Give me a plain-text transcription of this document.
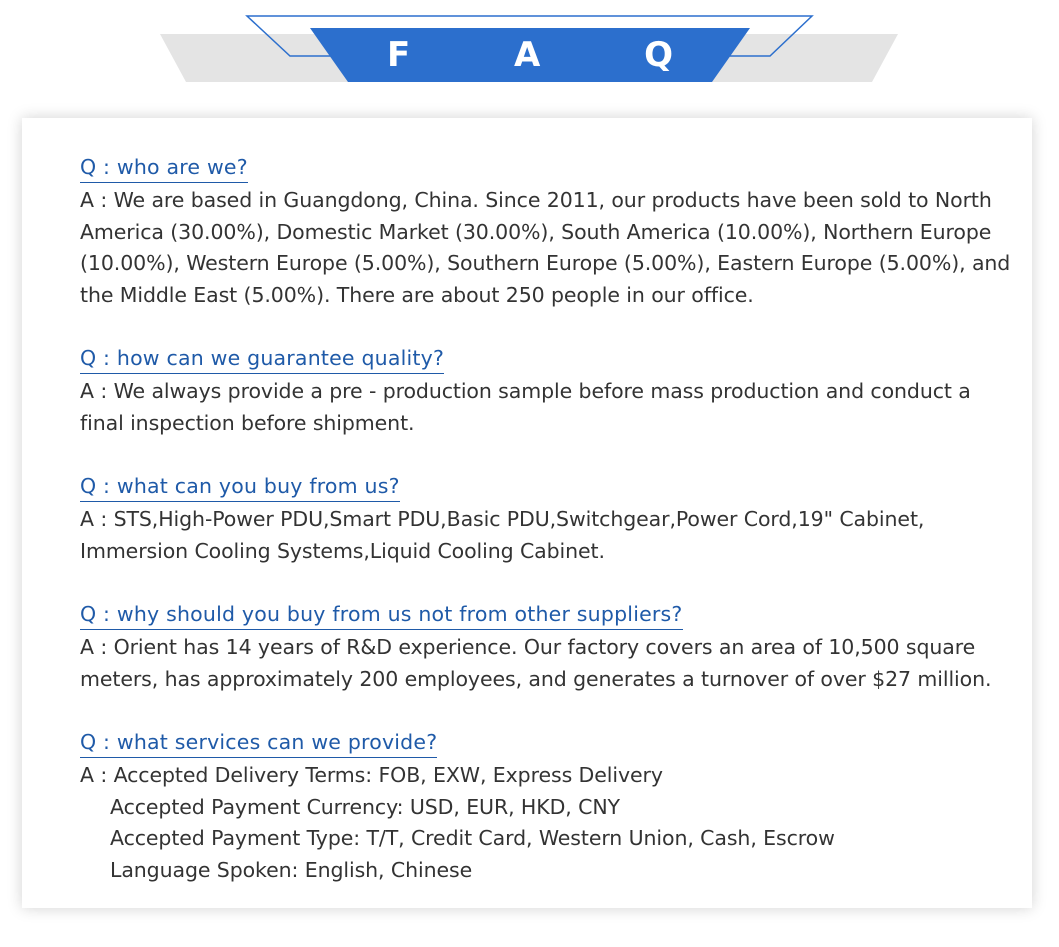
F A Q
Q : who are we?
A : We are based in Guangdong, China. Since 2011, our products have been sold to North
America (30.00%), Domestic Market (30.00%), South America (10.00%), Northern Europe
(10.00%), Western Europe (5.00%), Southern Europe (5.00%), Eastern Europe (5.00%), and
the Middle East (5.00%). There are about 250 people in our office.
Q : how can we guarantee quality?
A : We always provide a pre - production sample before mass production and conduct a
final inspection before shipment.
Q : what can you buy from us?
A : STS,High-Power PDU,Smart PDU,Basic PDU,Switchgear,Power Cord,19" Cabinet,
Immersion Cooling Systems,Liquid Cooling Cabinet.
Q : why should you buy from us not from other suppliers?
A : Orient has 14 years of R&D experience. Our factory covers an area of 10,500 square
meters, has approximately 200 employees, and generates a turnover of over $27 million.
Q : what services can we provide?
A : Accepted Delivery Terms: FOB, EXW, Express Delivery
Accepted Payment Currency: USD, EUR, HKD, CNY
Accepted Payment Type: T/T, Credit Card, Western Union, Cash, Escrow
Language Spoken: English, Chinese
